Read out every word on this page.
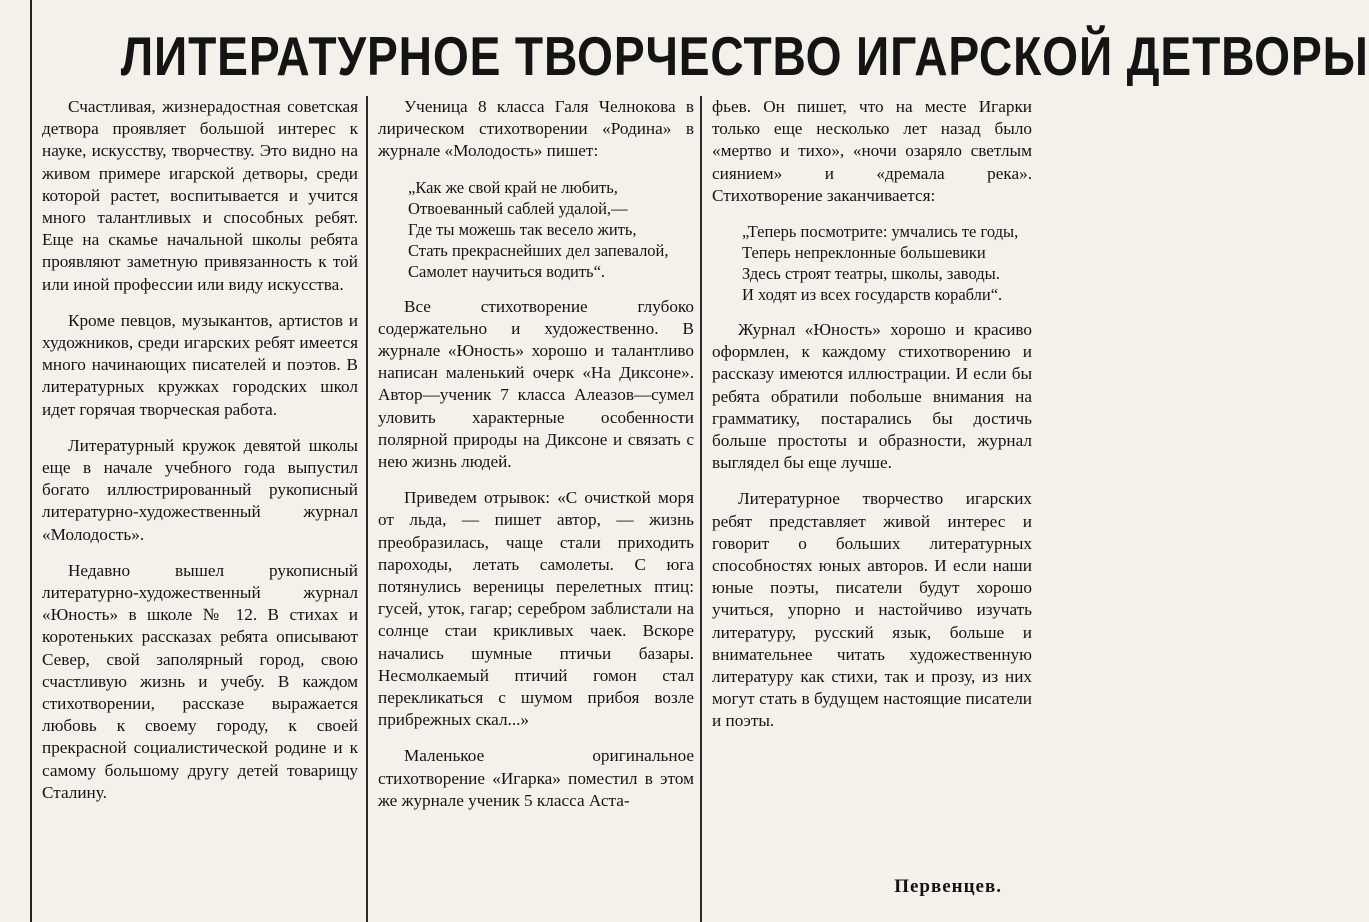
ЛИТЕРАТУРНОЕ ТВОРЧЕСТВО ИГАРСКОЙ ДЕТВОРЫ

Счастливая, жизнерадостная советская детвора проявляет большой интерес к науке, искусству, творчеству. Это видно на живом примере игарской детворы, среди которой растет, воспитывается и учится много талантливых и способных ребят. Еще на скамье начальной школы ребята проявляют заметную привязанность к той или иной профессии или виду искусства.

Кроме певцов, музыкантов, артистов и художников, среди игарских ребят имеется много начинающих писателей и поэтов. В литературных кружках городских школ идет горячая творческая работа.

Литературный кружок девятой школы еще в начале учебного года выпустил богато иллюстрированный рукописный литературно-художественный журнал «Молодость».

Недавно вышел рукописный литературно-художественный журнал «Юность» в школе № 12. В стихах и коротеньких рассказах ребята описывают Север, свой заполярный город, свою счастливую жизнь и учебу. В каждом стихотворении, рассказе выражается любовь к своему городу, к своей прекрасной социалистической родине и к самому большому другу детей товарищу Сталину.

Ученица 8 класса Галя Челнокова в лирическом стихотворении «Родина» в журнале «Молодость» пишет:

„Как же свой край не любить,
Отвоеванный саблей удалой,—
Где ты можешь так весело жить,
Стать прекраснейших дел запевалой,
Самолет научиться водить“.

Все стихотворение глубоко содержательно и художественно. В журнале «Юность» хорошо и талантливо написан маленький очерк «На Диксоне». Автор—ученик 7 класса Алеазов—сумел уловить характерные особенности полярной природы на Диксоне и связать с нею жизнь людей.

Приведем отрывок: «С очисткой моря от льда, — пишет автор, — жизнь преобразилась, чаще стали приходить пароходы, летать самолеты. С юга потянулись вереницы перелетных птиц: гусей, уток, гагар; серебром заблистали на солнце стаи крикливых чаек. Вскоре начались шумные птичьи базары. Несмолкаемый птичий гомон стал перекликаться с шумом прибоя возле прибрежных скал...»

Маленькое оригинальное стихотворение «Игарка» поместил в этом же журнале ученик 5 класса Аста-

фьев. Он пишет, что на месте Игарки только еще несколько лет назад было «мертво и тихо», «ночи озаряло светлым сиянием» и «дремала река». Стихотворение заканчивается:

„Теперь посмотрите: умчались те годы,
Теперь непреклонные большевики
Здесь строят театры, школы, заводы.
И ходят из всех государств корабли“.

Журнал «Юность» хорошо и красиво оформлен, к каждому стихотворению и рассказу имеются иллюстрации. И если бы ребята обратили побольше внимания на грамматику, постарались бы достичь больше простоты и образности, журнал выглядел бы еще лучше.

Литературное творчество игарских ребят представляет живой интерес и говорит о больших литературных способностях юных авторов. И если наши юные поэты, писатели будут хорошо учиться, упорно и настойчиво изучать литературу, русский язык, больше и внимательнее читать художественную литературу как стихи, так и прозу, из них могут стать в будущем настоящие писатели и поэты.

Первенцев.
